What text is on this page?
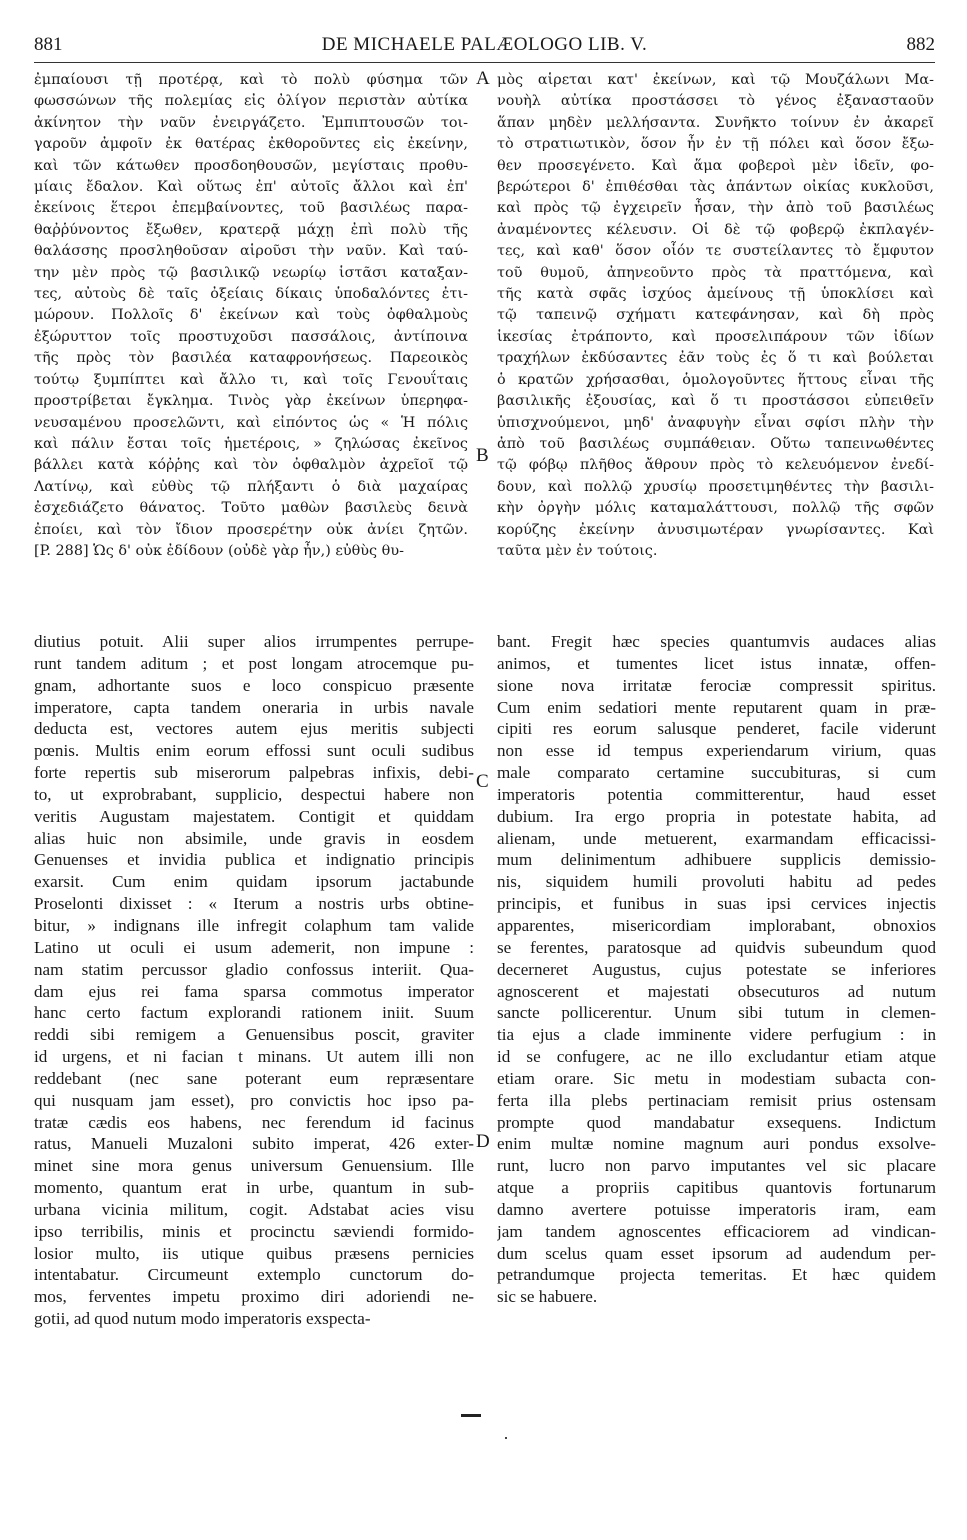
881	DE MICHAELE PALÆOLOGO LIB. V.	882
ἐμπαίουσι τῇ προτέρᾳ, καὶ τὸ πολὺ φύσημα τῶν
φωσσώνων τῆς πολεμίας εἰς ὀλίγον περιστὰν αὐτίκα
ἀκίνητον τὴν ναῦν ἐνειργάζετο. Ἐμπιπτουσῶν τοι-
γαροῦν ἀμφοῖν ἐκ θατέρας ἐκθοροῦντες εἰς ἐκείνην,
καὶ τῶν κάτωθεν προσδοηθουσῶν, μεγίσταις προθυ-
μίαις ἔδαλον. Καὶ οὕτως ἐπ' αὐτοῖς ἄλλοι καὶ ἐπ'
ἐκείνοις ἕτεροι ἐπεμβαίνοντες, τοῦ βασιλέως παρα-
θαῤῥύνοντος ἔξωθεν, κρατερᾷ μάχῃ ἐπὶ πολὺ τῆς
θαλάσσης προσληθοῦσαν αἱροῦσι τὴν ναῦν. Καὶ ταύ-
την μὲν πρὸς τῷ βασιλικῷ νεωρίῳ ἱστᾶσι καταξαν-
τες, αὐτοὺς δὲ ταῖς ὀξείαις δίκαις ὑποδαλόντες ἐτι-
μώρουν. Πολλοῖς δ' ἐκείνων καὶ τοὺς ὀφθαλμοὺς
ἐξώρυττον τοῖς προστυχοῦσι πασσάλοις, ἀντίποινα
τῆς πρὸς τὸν βασιλέα καταφρονήσεως. Παρεοικὸς
τούτῳ ξυμπίπτει καὶ ἄλλο τι, καὶ τοῖς Γενουΐταις
προστρίβεται ἔγκλημα. Τινὸς γὰρ ἐκείνων ὑπερηφα-
νευσαμένου προσελῶντι, καὶ εἰπόντος ὡς « Ἡ πόλις
καὶ πάλιν ἔσται τοῖς ἡμετέροις, » ζηλώσας ἐκεῖνος
βάλλει κατὰ κόῤῥης καὶ τὸν ὀφθαλμὸν ἀχρεῖοῖ τῷ
Λατίνῳ, καὶ εὐθὺς τῷ πλήξαντι ὁ διὰ μαχαίρας
ἐσχεδιάζετο θάνατος. Τοῦτο μαθὼν βασιλεὺς δεινὰ
ἐποίει, καὶ τὸν ἴδιον προσερέτην οὐκ ἀνίει ζητῶν.
[P. 288] Ὡς δ' οὐκ ἐδίδουν (οὐδὲ γὰρ ἦν,) εὐθὺς θυ-
μὸς αἱρεται κατ' ἐκείνων, καὶ τῷ Μουζάλωνι Μα-
νουὴλ αὐτίκα προστάσσει τὸ γένος ἐξανασταοῦν
ἅπαν μηδὲν μελλήσαντα. Συνῆκτο τοίνυν ἐν ἀκαρεῖ
τὸ στρατιωτικὸν, ὅσον ἦν ἐν τῇ πόλει καὶ ὅσον ἔξω-
θεν προσεγένετο. Καὶ ἅμα φοβεροὶ μὲν ἰδεῖν, φο-
βερώτεροι δ' ἐπιθέσθαι τὰς ἁπάντων οἰκίας κυκλοῦσι,
καὶ πρὸς τῷ ἐγχειρεῖν ἦσαν, τὴν ἀπὸ τοῦ βασιλέως
ἀναμένοντες κέλευσιν. Οἱ δὲ τῷ φοβερῷ ἐκπλαγέν-
τες, καὶ καθ' ὅσον οἷόν τε συστείλαντες τὸ ἔμφυτον
τοῦ θυμοῦ, ἀπηνεοῦντο πρὸς τὰ πραττόμενα, καὶ
τῆς κατὰ σφᾶς ἰσχύος ἀμείνους τῇ ὑποκλίσει καὶ
τῷ ταπεινῷ σχήματι κατεφάνησαν, καὶ δὴ πρὸς
ἱκεσίας ἐτράποντο, καὶ προσελιπάρουν τῶν ἰδίων
τραχήλων ἐκδύσαντες ἐᾶν τοὺς ἐς ὅ τι καὶ βούλεται
ὁ κρατῶν χρήσασθαι, ὁμολογοῦντες ἥττους εἶναι τῆς
βασιλικῆς ἐξουσίας, καὶ ὅ τι προστάσσοι εὐπειθεῖν
ὑπισχνούμενοι, μηδ' ἀναφυγὴν εἶναι σφίσι πλὴν τὴν
ἀπὸ τοῦ βασιλέως συμπάθειαν. Οὕτω ταπεινωθέντες
τῷ φόβῳ πλῆθος ἄθρουν πρὸς τὸ κελευόμενον ἐνεδί-
δουν, καὶ πολλῷ χρυσίῳ προσετιμηθέντες τὴν βασιλι-
κὴν ὀργὴν μόλις καταμαλάττουσι, πολλῷ τῆς σφῶν
κορύζης ἐκείνην ἀνυσιμωτέραν γνωρίσαντες. Καὶ
ταῦτα μὲν ἐν τούτοις.
diutius potuit. Alii super alios irrumpentes perrupe-
runt tandem aditum ; et post longam atrocemque pu-
gnam, adhortante suos e loco conspicuo præsente
imperatore, capta tandem oneraria in urbis navale
deducta est, vectores autem ejus meritis subjecti
pœnis. Multis enim eorum effossi sunt oculi sudibus
forte repertis sub miserorum palpebras infixis, debi-
to, ut exprobrabant, supplicio, despectui habere non
veritis Augustam majestatem. Contigit et quiddam
alias huic non absimile, unde gravis in eosdem
Genuenses et invidia publica et indignatio principis
exarsit. Cum enim quidam ipsorum jactabunde
Proselonti dixisset : « Iterum a nostris urbs obtine-
bitur, » indignans ille infregit colaphum tam valide
Latino ut oculi ei usum ademerit, non impune :
nam statim percussor gladio confossus interiit. Qua-
dam ejus rei fama sparsa commotus imperator
hanc certo factum explorandi rationem iniit. Suum
reddi sibi remigem a Genuensibus poscit, graviter
id urgens, et ni facian t minans. Ut autem illi non
reddebant (nec sane poterant eum repræsentare
qui nusquam jam esset), pro convictis hoc ipso pa-
tratæ cædis eos habens, nec ferendum id facinus
ratus, Manueli Muzaloni subito imperat, 426 exter-
minet sine mora genus universum Genuensium. Ille
momento, quantum erat in urbe, quantum in sub-
urbana vicinia militum, cogit. Adstabat acies visu
ipso terribilis, minis et procinctu sæviendi formido-
losior multo, iis utique quibus præsens pernicies
intentabatur. Circumeunt extemplo cunctorum do-
mos, ferventes impetu proximo diri adoriendi ne-
gotii, ad quod nutum modo imperatoris exspecta-
bant. Fregit hæc species quantumvis audaces alias
animos, et tumentes licet istus innatæ, offen-
sione nova irritatæ ferociæ compressit spiritus.
Cum enim sedatiori mente reputarent quam in præ-
cipiti res eorum salusque penderet, facile viderunt
non esse id tempus experiendarum virium, quas
male comparato certamine succubituras, si cum
imperatoris potentia committerentur, haud esset
dubium. Ira ergo propria in potestate habita, ad
alienam, unde metuerent, exarmandam efficacissi-
mum delinimentum adhibuere supplicis demissio-
nis, siquidem humili provoluti habitu ad pedes
principis, et funibus in suas ipsi cervices injectis
apparentes, misericordiam implorabant, obnoxios
se ferentes, paratosque ad quidvis subeundum quod
decerneret Augustus, cujus potestate se inferiores
agnoscerent et majestati obsecuturos ad nutum
sancte pollicerentur. Unum sibi tutum in clemen-
tia ejus a clade imminente videre perfugium : in
id se confugere, ac ne illo excludantur etiam atque
etiam orare. Sic metu in modestiam subacta con-
ferta illa plebs pertinaciam remisit prius ostensam
prompte quod mandabatur exsequens. Indictum
enim multæ nomine magnum auri pondus exsolve-
runt, lucro non parvo imputantes vel sic placare
atque a propriis capitibus quantovis fortunarum
damno avertere potuisse imperatoris iram, eam
jam tandem agnoscentes efficaciorem ad vindican-
dum scelus quam esset ipsorum ad audendum per-
petrandumque projecta temeritas. Et hæc quidem
sic se habuere.
A
B
C
D
